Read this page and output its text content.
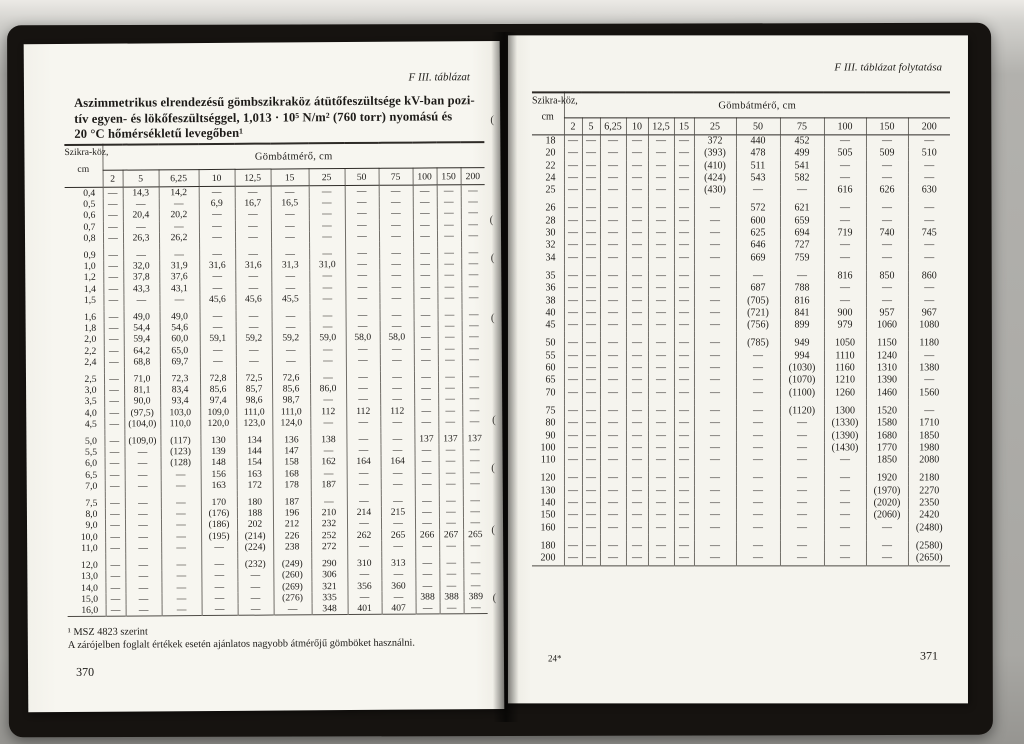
F III. táblázat
Aszimmetrikus elrendezésű gömbszikraköz átütőfeszültsége kV-ban pozi-
tív egyen- és lökőfeszültséggel, 1,013 · 10⁵ N/m² (760 torr) nyomású és
20 °C hőmérsékletű levegőben¹
Szikra-köz,
cm	Gömbátmérő, cm											
	2	5	6,25	10	12,5	15	25	50	75	100	150	200
0,4	—	14,3	14,2	—	—	—	—	—	—	—	—	—
0,5	—	—	—	6,9	16,7	16,5	—	—	—	—	—	—
0,6	—	20,4	20,2	—	—	—	—	—	—	—	—	—
0,7	—	—	—	—	—	—	—	—	—	—	—	—
0,8	—	26,3	26,2	—	—	—	—	—	—	—	—	—

0,9	—	—	—	—	—	—	—	—	—	—	—	—
1,0	—	32,0	31,9	31,6	31,6	31,3	31,0	—	—	—	—	—
1,2	—	37,8	37,6	—	—	—	—	—	—	—	—	—
1,4	—	43,3	43,1	—	—	—	—	—	—	—	—	—
1,5	—	—	—	45,6	45,6	45,5	—	—	—	—	—	—

1,6	—	49,0	49,0	—	—	—	—	—	—	—	—	—
1,8	—	54,4	54,6	—	—	—	—	—	—	—	—	—
2,0	—	59,4	60,0	59,1	59,2	59,2	59,0	58,0	58,0	—	—	—
2,2	—	64,2	65,0	—	—	—	—	—	—	—	—	—
2,4	—	68,8	69,7	—	—	—	—	—	—	—	—	—

2,5	—	71,0	72,3	72,8	72,5	72,6	—	—	—	—	—	—
3,0	—	81,1	83,4	85,6	85,7	85,6	86,0	—	—	—	—	—
3,5	—	90,0	93,4	97,4	98,6	98,7	—	—	—	—	—	—
4,0	—	(97,5)	103,0	109,0	111,0	111,0	112	112	112	—	—	—
4,5	—	(104,0)	110,0	120,0	123,0	124,0	—	—	—	—	—	—

5,0	—	(109,0)	(117)	130	134	136	138	—	—	137	137	137
5,5	—	—	(123)	139	144	147	—	—	—	—	—	—
6,0	—	—	(128)	148	154	158	162	164	164	—	—	—
6,5	—	—	—	156	163	168	—	—	—	—	—	—
7,0	—	—	—	163	172	178	187	—	—	—	—	—

7,5	—	—	—	170	180	187	—	—	—	—	—	—
8,0	—	—	—	(176)	188	196	210	214	215	—	—	—
9,0	—	—	—	(186)	202	212	232	—	—	—	—	—
10,0	—	—	—	(195)	(214)	226	252	262	265	266	267	265
11,0	—	—	—	—	(224)	238	272	—	—	—	—	—

12,0	—	—	—	—	(232)	(249)	290	310	313	—	—	—
13,0	—	—	—	—	—	(260)	306	—	—	—	—	—
14,0	—	—	—	—	—	(269)	321	356	360	—	—	—
15,0	—	—	—	—	—	(276)	335	—	—	388	388	389
16,0	—	—	—	—	—	—	348	401	407	—	—	—
¹ MSZ 4823 szerint
A zárójelben foglalt értékek esetén ajánlatos nagyobb átmérőjű gömböket használni.
370
F III. táblázat folytatása
Szikra-köz,
cm	Gömbátmérő, cm											
	2	5	6,25	10	12,5	15	25	50	75	100	150	200
18	—	—	—	—	—	—	372	440	452	—	—	—
20	—	—	—	—	—	—	(393)	478	499	505	509	510
22	—	—	—	—	—	—	(410)	511	541	—	—	—
24	—	—	—	—	—	—	(424)	543	582	—	—	—
25	—	—	—	—	—	—	(430)	—	—	616	626	630

26	—	—	—	—	—	—	—	572	621	—	—	—
28	—	—	—	—	—	—	—	600	659	—	—	—
30	—	—	—	—	—	—	—	625	694	719	740	745
32	—	—	—	—	—	—	—	646	727	—	—	—
34	—	—	—	—	—	—	—	669	759	—	—	—

35	—	—	—	—	—	—	—	—	—	816	850	860
36	—	—	—	—	—	—	—	687	788	—	—	—
38	—	—	—	—	—	—	—	(705)	816	—	—	—
40	—	—	—	—	—	—	—	(721)	841	900	957	967
45	—	—	—	—	—	—	—	(756)	899	979	1060	1080

50	—	—	—	—	—	—	—	(785)	949	1050	1150	1180
55	—	—	—	—	—	—	—	—	994	1110	1240	—
60	—	—	—	—	—	—	—	—	(1030)	1160	1310	1380
65	—	—	—	—	—	—	—	—	(1070)	1210	1390	—
70	—	—	—	—	—	—	—	—	(1100)	1260	1460	1560

75	—	—	—	—	—	—	—	—	(1120)	1300	1520	—
80	—	—	—	—	—	—	—	—	—	(1330)	1580	1710
90	—	—	—	—	—	—	—	—	—	(1390)	1680	1850
100	—	—	—	—	—	—	—	—	—	(1430)	1770	1980
110	—	—	—	—	—	—	—	—	—	—	1850	2080

120	—	—	—	—	—	—	—	—	—	—	1920	2180
130	—	—	—	—	—	—	—	—	—	—	(1970)	2270
140	—	—	—	—	—	—	—	—	—	—	(2020)	2350
150	—	—	—	—	—	—	—	—	—	—	(2060)	2420
160	—	—	—	—	—	—	—	—	—	—	—	(2480)

180	—	—	—	—	—	—	—	—	—	—	—	(2580)
200	—	—	—	—	—	—	—	—	—	—	—	(2650)
24*	371
(
(
(
(
(
(
(
(
